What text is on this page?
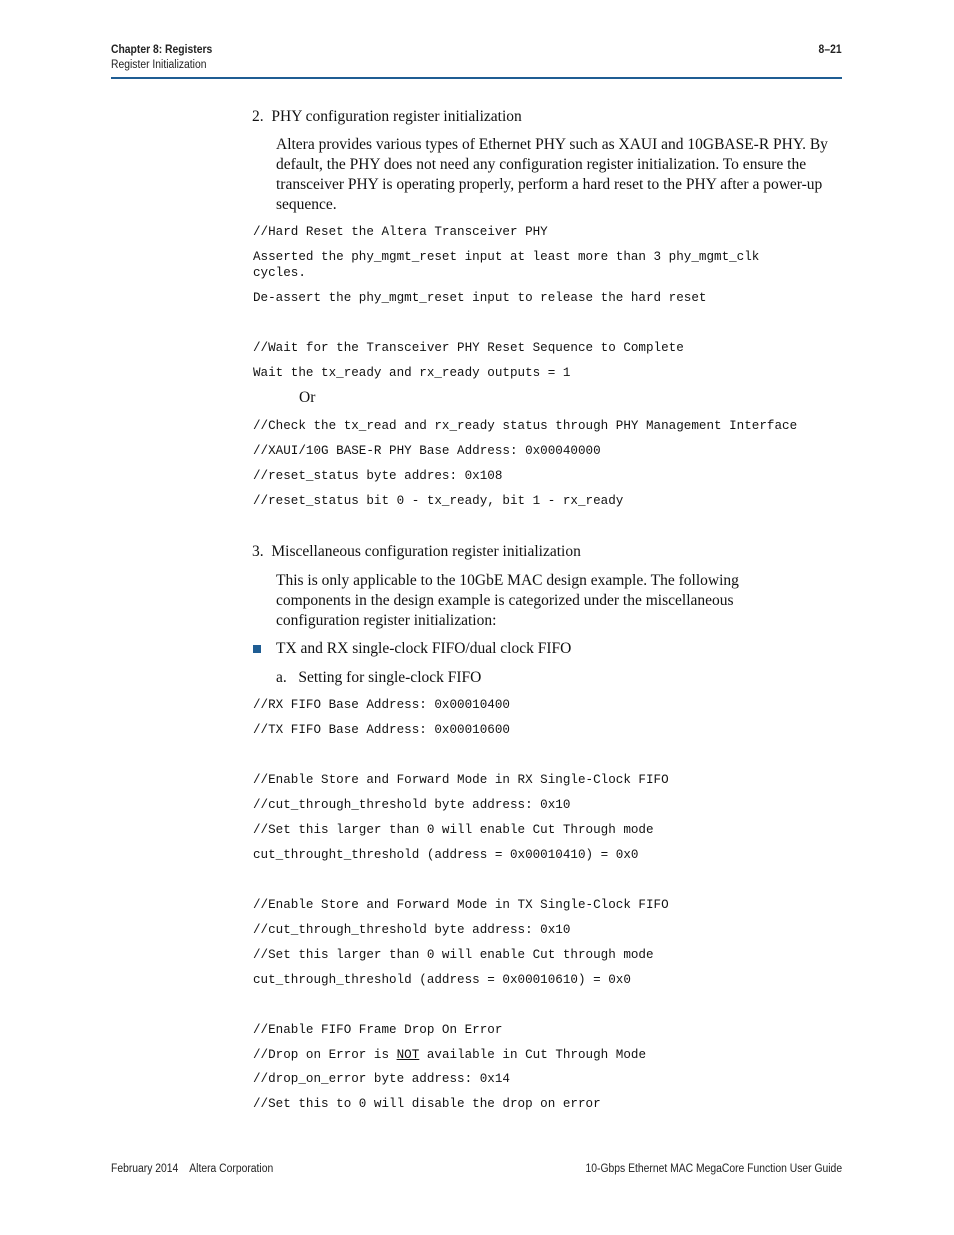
Chapter 8: Registers
Register Initialization
8–21
2.  PHY configuration register initialization
Altera provides various types of Ethernet PHY such as XAUI and 10GBASE-R PHY. By default, the PHY does not need any configuration register initialization. To ensure the transceiver PHY is operating properly, perform a hard reset to the PHY after a power-up sequence.
//Hard Reset the Altera Transceiver PHY
Asserted the phy_mgmt_reset input at least more than 3 phy_mgmt_clk
cycles.
De-assert the phy_mgmt_reset input to release the hard reset
//Wait for the Transceiver PHY Reset Sequence to Complete
Wait the tx_ready and rx_ready outputs = 1
Or
//Check the tx_read and rx_ready status through PHY Management Interface
//XAUI/10G BASE-R PHY Base Address: 0x00040000
//reset_status byte addres: 0x108
//reset_status bit 0 - tx_ready, bit 1 - rx_ready
3.  Miscellaneous configuration register initialization
This is only applicable to the 10GbE MAC design example. The following components in the design example is categorized under the miscellaneous configuration register initialization:
TX and RX single-clock FIFO/dual clock FIFO
a.   Setting for single-clock FIFO
//RX FIFO Base Address: 0x00010400
//TX FIFO Base Address: 0x00010600
//Enable Store and Forward Mode in RX Single-Clock FIFO
//cut_through_threshold byte address: 0x10
//Set this larger than 0 will enable Cut Through mode
cut_throught_threshold (address = 0x00010410) = 0x0
//Enable Store and Forward Mode in TX Single-Clock FIFO
//cut_through_threshold byte address: 0x10
//Set this larger than 0 will enable Cut through mode
cut_through_threshold (address = 0x00010610) = 0x0
//Enable FIFO Frame Drop On Error
//Drop on Error is NOT available in Cut Through Mode
//drop_on_error byte address: 0x14
//Set this to 0 will disable the drop on error
February 2014    Altera Corporation	10-Gbps Ethernet MAC MegaCore Function User Guide
